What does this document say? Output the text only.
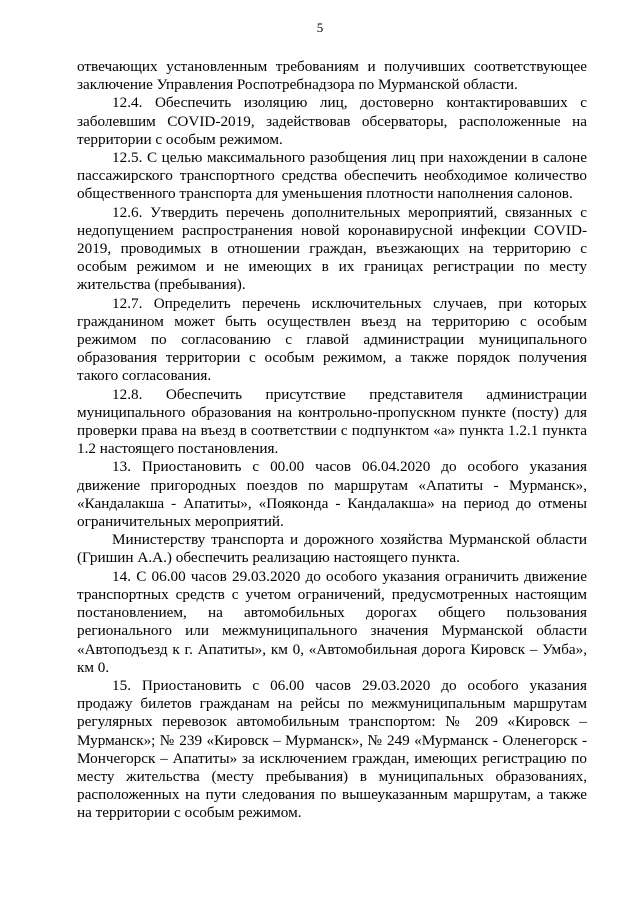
5

отвечающих установленным требованиям и получивших соответствующее заключение Управления Роспотребнадзора по Мурманской области.

12.4. Обеспечить изоляцию лиц, достоверно контактировавших с заболевшим COVID-2019, задействовав обсерваторы, расположенные на территории с особым режимом.

12.5. С целью максимального разобщения лиц при нахождении в салоне пассажирского транспортного средства обеспечить необходимое количество общественного транспорта для уменьшения плотности наполнения салонов.

12.6. Утвердить перечень дополнительных мероприятий, связанных с недопущением распространения новой коронавирусной инфекции COVID-2019, проводимых в отношении граждан, въезжающих на территорию с особым режимом и не имеющих в их границах регистрации по месту жительства (пребывания).

12.7. Определить перечень исключительных случаев, при которых гражданином может быть осуществлен въезд на территорию с особым режимом по согласованию с главой администрации муниципального образования территории с особым режимом, а также порядок получения такого согласования.

12.8. Обеспечить присутствие представителя администрации муниципального образования на контрольно-пропускном пункте (посту) для проверки права на въезд в соответствии с подпунктом «а» пункта 1.2.1 пункта 1.2 настоящего постановления.

13. Приостановить с 00.00 часов 06.04.2020 до особого указания движение пригородных поездов по маршрутам «Апатиты - Мурманск», «Кандалакша - Апатиты», «Пояконда - Кандалакша» на период до отмены ограничительных мероприятий.

Министерству транспорта и дорожного хозяйства Мурманской области (Гришин А.А.) обеспечить реализацию настоящего пункта.

14. С 06.00 часов 29.03.2020 до особого указания ограничить движение транспортных средств с учетом ограничений, предусмотренных настоящим постановлением, на автомобильных дорогах общего пользования регионального или межмуниципального значения Мурманской области «Автоподъезд к г. Апатиты», км 0, «Автомобильная дорога Кировск – Умба», км 0.

15. Приостановить с 06.00 часов 29.03.2020 до особого указания продажу билетов гражданам на рейсы по межмуниципальным маршрутам регулярных перевозок автомобильным транспортом: № 209 «Кировск – Мурманск»; № 239 «Кировск – Мурманск», № 249 «Мурманск - Оленегорск - Мончегорск – Апатиты» за исключением граждан, имеющих регистрацию по месту жительства (месту пребывания) в муниципальных образованиях, расположенных на пути следования по вышеуказанным маршрутам, а также на территории с особым режимом.
